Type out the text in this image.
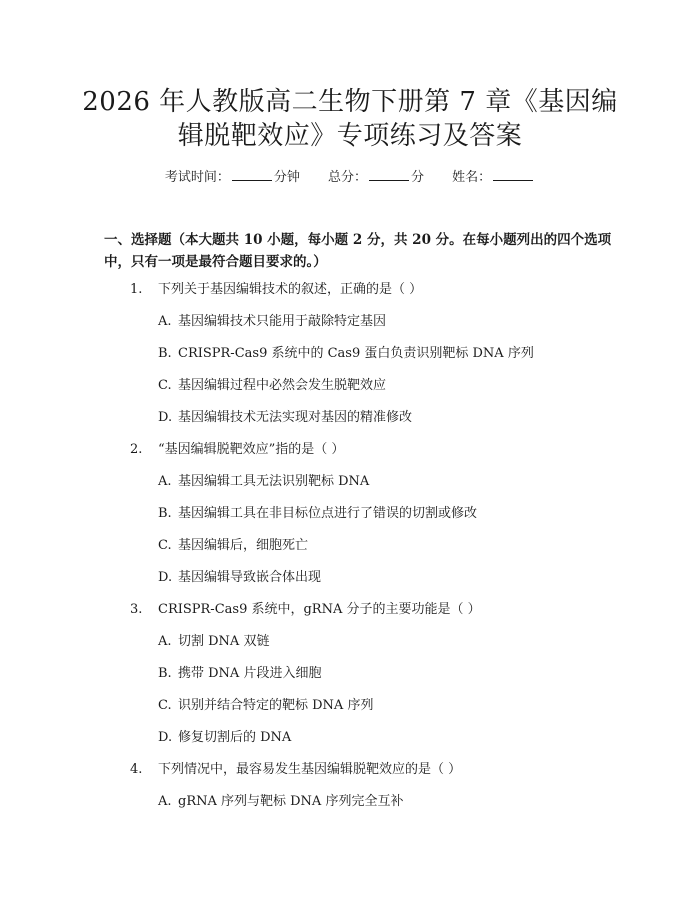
2026 年人教版高二生物下册第 7 章《基因编
辑脱靶效应》专项练习及答案
考试时间：	分钟 总分：	分 姓名：
一、选择题（本大题共 10 小题，每小题 2 分，共 20 分。在每小题列出的四个选项中，只有一项是最符合题目要求的。）
1. 下列关于基因编辑技术的叙述，正确的是（ ）
A. 基因编辑技术只能用于敲除特定基因
B. CRISPR-Cas9 系统中的 Cas9 蛋白负责识别靶标 DNA 序列
C. 基因编辑过程中必然会发生脱靶效应
D. 基因编辑技术无法实现对基因的精准修改
2. “基因编辑脱靶效应”指的是（ ）
A. 基因编辑工具无法识别靶标 DNA
B. 基因编辑工具在非目标位点进行了错误的切割或修改
C. 基因编辑后，细胞死亡
D. 基因编辑导致嵌合体出现
3. CRISPR-Cas9 系统中，gRNA 分子的主要功能是（ ）
A. 切割 DNA 双链
B. 携带 DNA 片段进入细胞
C. 识别并结合特定的靶标 DNA 序列
D. 修复切割后的 DNA
4. 下列情况中，最容易发生基因编辑脱靶效应的是（ ）
A. gRNA 序列与靶标 DNA 序列完全互补
